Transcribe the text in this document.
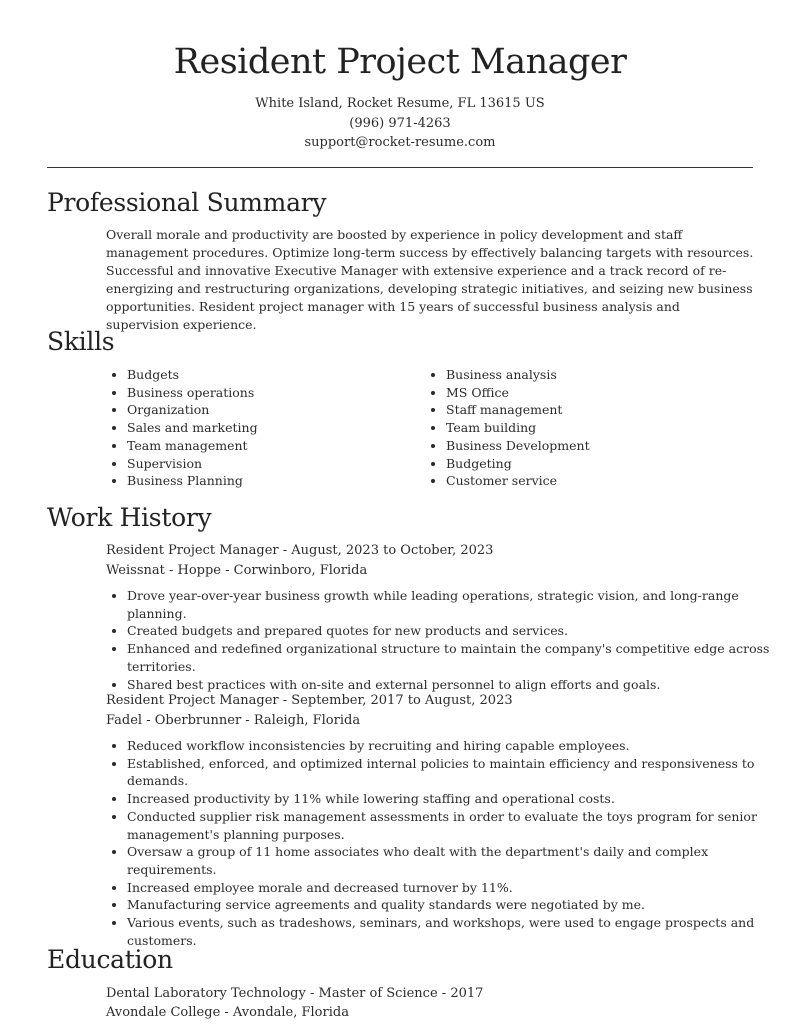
Resident Project Manager
White Island, Rocket Resume, FL 13615 US
(996) 971-4263
support@rocket-resume.com
Professional Summary
Overall morale and productivity are boosted by experience in policy development and staff management procedures. Optimize long-term success by effectively balancing targets with resources. Successful and innovative Executive Manager with extensive experience and a track record of re-energizing and restructuring organizations, developing strategic initiatives, and seizing new business opportunities. Resident project manager with 15 years of successful business analysis and supervision experience.
Skills
• Budgets
• Business operations
• Organization
• Sales and marketing
• Team management
• Supervision
• Business Planning
• Business analysis
• MS Office
• Staff management
• Team building
• Business Development
• Budgeting
• Customer service
Work History
Resident Project Manager - August, 2023 to October, 2023
Weissnat - Hoppe - Corwinboro, Florida
• Drove year-over-year business growth while leading operations, strategic vision, and long-range planning.
• Created budgets and prepared quotes for new products and services.
• Enhanced and redefined organizational structure to maintain the company's competitive edge across territories.
• Shared best practices with on-site and external personnel to align efforts and goals.
Resident Project Manager - September, 2017 to August, 2023
Fadel - Oberbrunner - Raleigh, Florida
• Reduced workflow inconsistencies by recruiting and hiring capable employees.
• Established, enforced, and optimized internal policies to maintain efficiency and responsiveness to demands.
• Increased productivity by 11% while lowering staffing and operational costs.
• Conducted supplier risk management assessments in order to evaluate the toys program for senior management's planning purposes.
• Oversaw a group of 11 home associates who dealt with the department's daily and complex requirements.
• Increased employee morale and decreased turnover by 11%.
• Manufacturing service agreements and quality standards were negotiated by me.
• Various events, such as tradeshows, seminars, and workshops, were used to engage prospects and customers.
Education
Dental Laboratory Technology - Master of Science - 2017
Avondale College - Avondale, Florida
